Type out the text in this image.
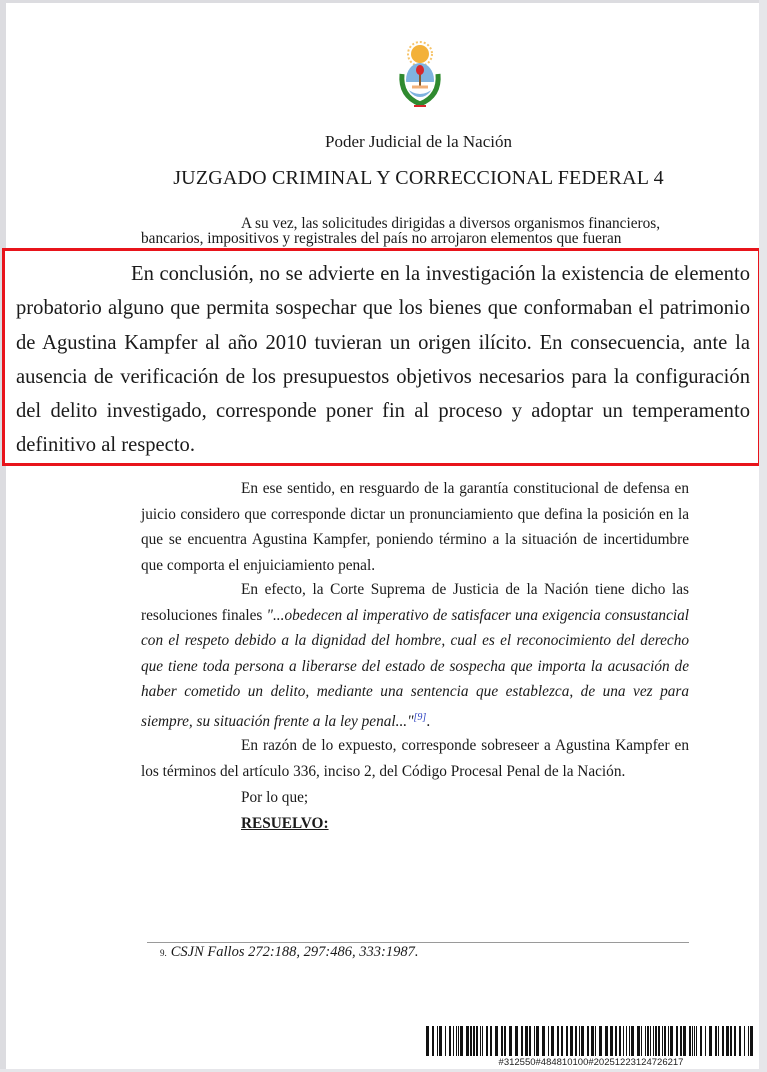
Poder Judicial de la Nación
JUZGADO CRIMINAL Y CORRECCIONAL FEDERAL 4

A su vez, las solicitudes dirigidas a diversos organismos financieros,

bancarios, impositivos y registrales del país no arrojaron elementos que fueran

En conclusión, no se advierte en la investigación la existencia de elemento probatorio alguno que permita sospechar que los bienes que conformaban el patrimonio de Agustina Kampfer al año 2010 tuvieran un origen ilícito. En consecuencia, ante la ausencia de verificación de los presupuestos objetivos necesarios para la configuración del delito investigado, corresponde poner fin al proceso y adoptar un temperamento definitivo al respecto.

En ese sentido, en resguardo de la garantía constitucional de defensa en juicio considero que corresponde dictar un pronunciamiento que defina la posición en la que se encuentra Agustina Kampfer, poniendo término a la situación de incertidumbre que comporta el enjuiciamiento penal.

En efecto, la Corte Suprema de Justicia de la Nación tiene dicho las resoluciones finales "...obedecen al imperativo de satisfacer una exigencia consustancial con el respeto debido a la dignidad del hombre, cual es el reconocimiento del derecho que tiene toda persona a liberarse del estado de sospecha que importa la acusación de haber cometido un delito, mediante una sentencia que establezca, de una vez para siempre, su situación frente a la ley penal..."[9].

En razón de lo expuesto, corresponde sobreseer a Agustina Kampfer en los términos del artículo 336, inciso 2, del Código Procesal Penal de la Nación.

Por lo que;

RESUELVO:

9. CSJN Fallos 272:188, 297:486, 333:1987.
#312550#484810100#20251223124726217
